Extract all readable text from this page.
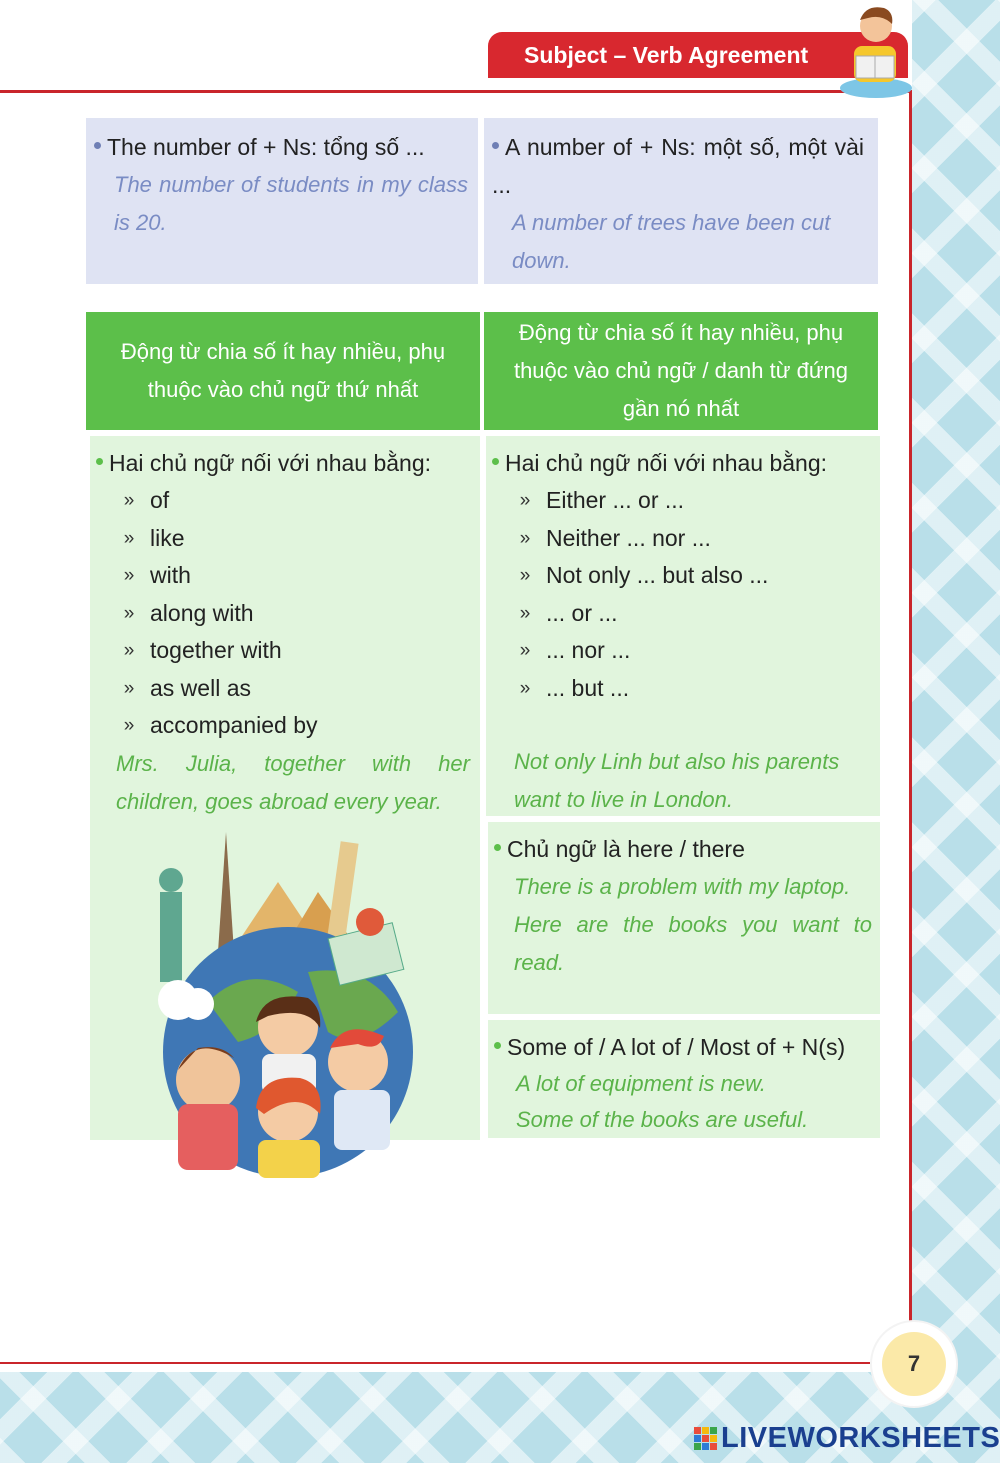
Subject – Verb Agreement
The number of + Ns: tổng số ...
The number of students in my class is 20.
A number of + Ns: một số, một vài ...
A number of trees have been cut down.
Động từ chia số ít hay nhiều, phụ thuộc vào chủ ngữ thứ nhất
Động từ chia số ít hay nhiều, phụ thuộc vào chủ ngữ / danh từ đứng gần nó nhất
Hai chủ ngữ nối với nhau bằng:
» of
» like
» with
» along with
» together with
» as well as
» accompanied by
Mrs. Julia, together with her children, goes abroad every year.
Hai chủ ngữ nối với nhau bằng:
» Either ... or ...
» Neither ... nor ...
» Not only ... but also ...
» ... or ...
» ... nor ...
» ... but ...
Not only Linh but also his parents want to live in London.
Chủ ngữ là here / there
There is a problem with my laptop.
Here are the books you want to read.
Some of / A lot of / Most of + N(s)
A lot of equipment is new.
Some of the books are useful.
7
LIVEWORKSHEETS
